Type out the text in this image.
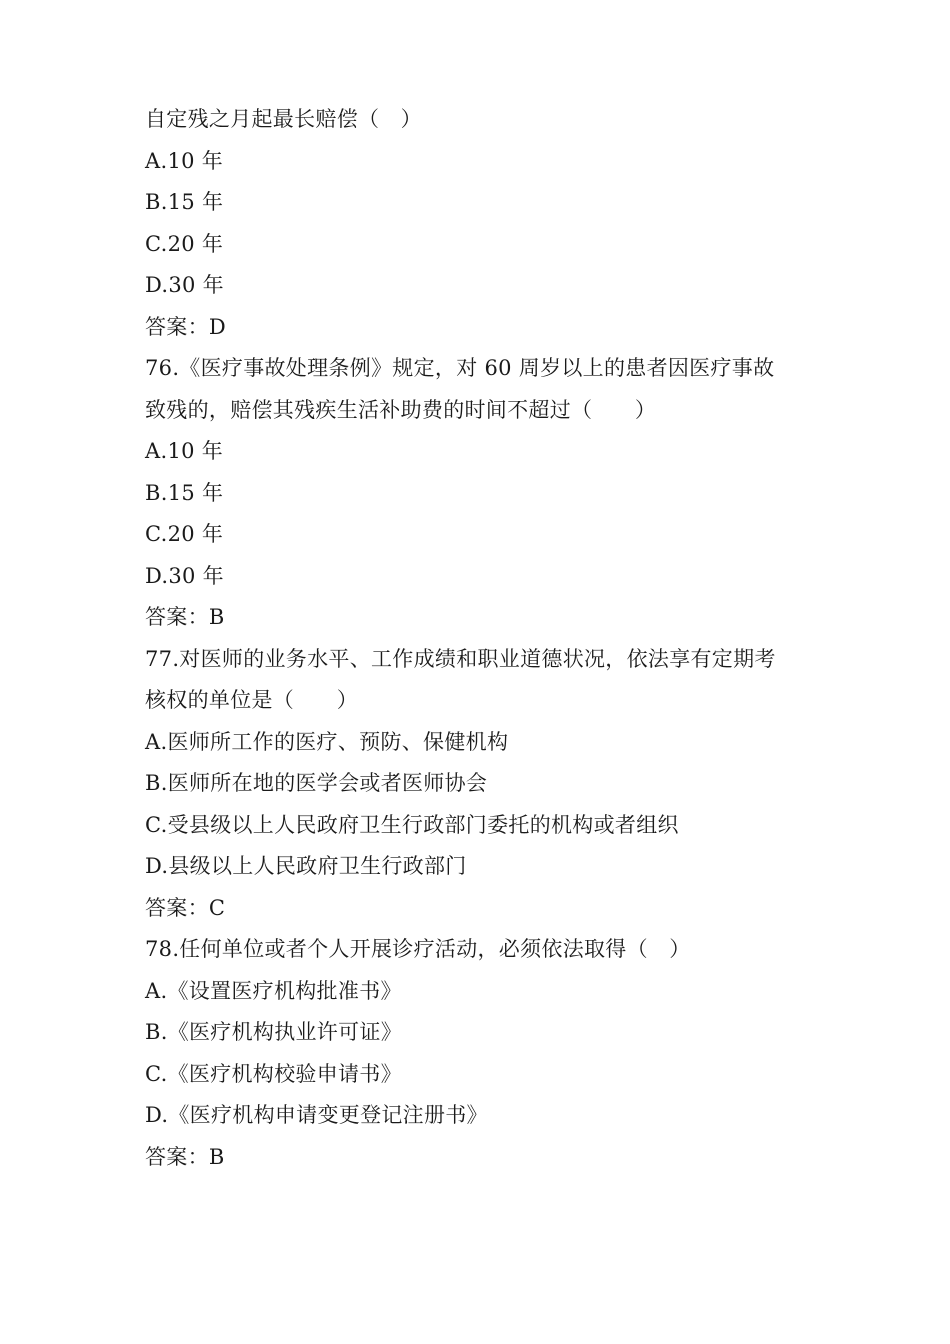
自定残之月起最长赔偿（　）
A.10 年
B.15 年
C.20 年
D.30 年
答案：D
76.《医疗事故处理条例》规定，对 60 周岁以上的患者因医疗事故
致残的，赔偿其残疾生活补助费的时间不超过（　　）
A.10 年
B.15 年
C.20 年
D.30 年
答案：B
77.对医师的业务水平、工作成绩和职业道德状况，依法享有定期考
核权的单位是（　　）
A.医师所工作的医疗、预防、保健机构
B.医师所在地的医学会或者医师协会
C.受县级以上人民政府卫生行政部门委托的机构或者组织
D.县级以上人民政府卫生行政部门
答案：C
78.任何单位或者个人开展诊疗活动，必须依法取得（　）
A.《设置医疗机构批准书》
B.《医疗机构执业许可证》
C.《医疗机构校验申请书》
D.《医疗机构申请变更登记注册书》
答案：B
